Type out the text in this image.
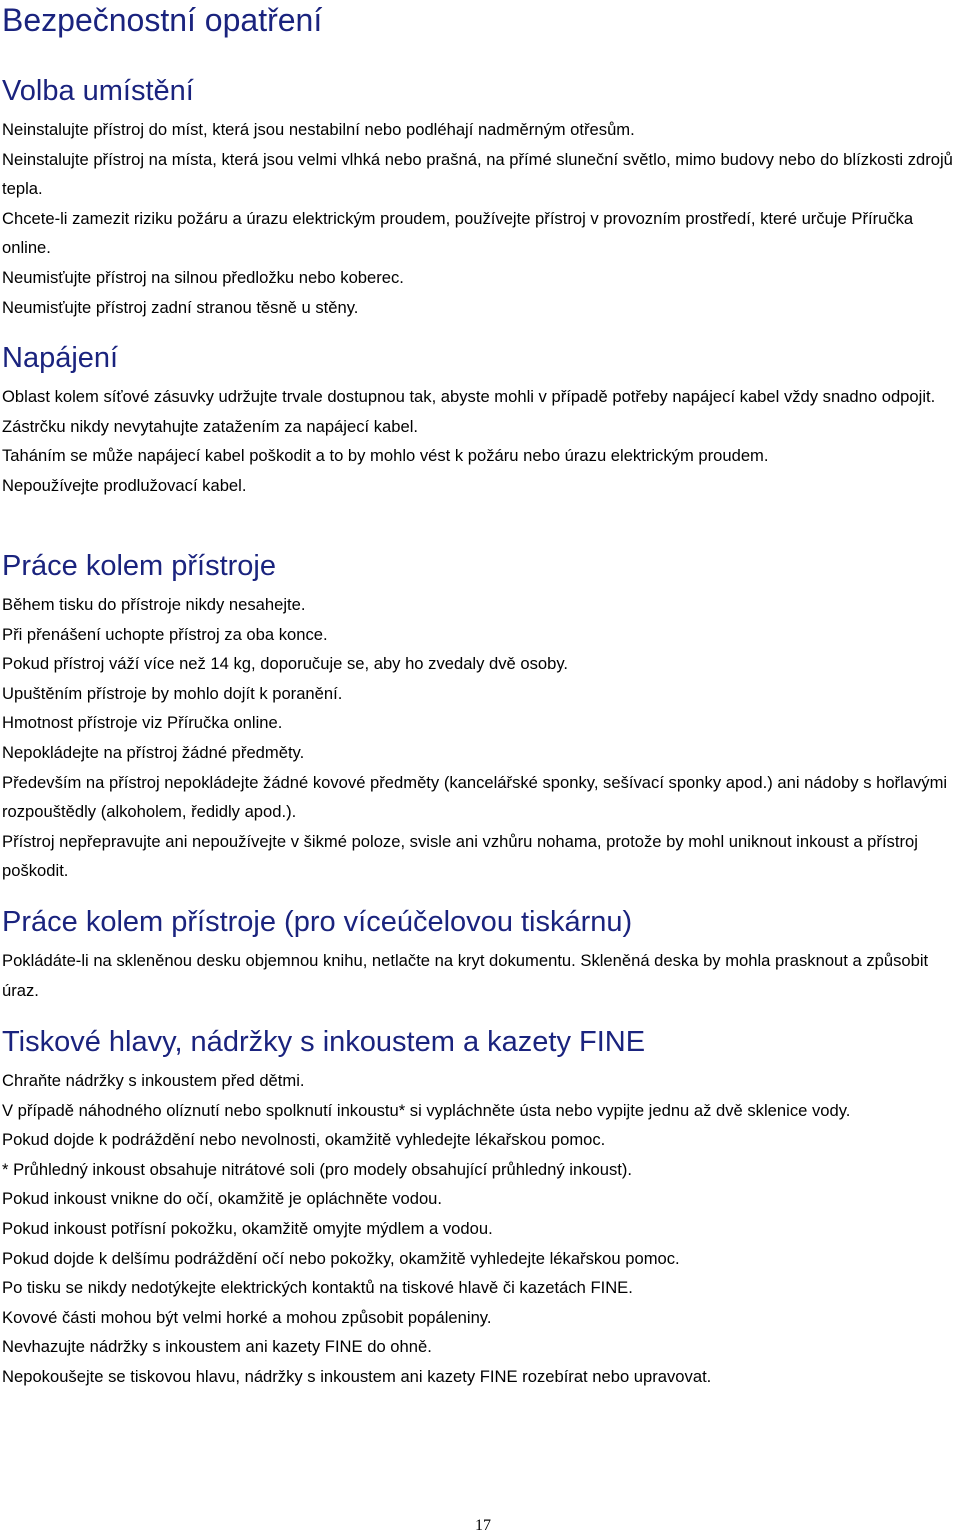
Bezpečnostní opatření
Volba umístění

Neinstalujte přístroj do míst, která jsou nestabilní nebo podléhají nadměrným otřesům.

Neinstalujte přístroj na místa, která jsou velmi vlhká nebo prašná, na přímé sluneční světlo, mimo budovy nebo do blízkosti zdrojů tepla.

Chcete-li zamezit riziku požáru a úrazu elektrickým proudem, používejte přístroj v provozním prostředí, které určuje Příručka online.

Neumisťujte přístroj na silnou předložku nebo koberec.

Neumisťujte přístroj zadní stranou těsně u stěny.

Napájení

Oblast kolem síťové zásuvky udržujte trvale dostupnou tak, abyste mohli v případě potřeby napájecí kabel vždy snadno odpojit.

Zástrčku nikdy nevytahujte zatažením za napájecí kabel.

Taháním se může napájecí kabel poškodit a to by mohlo vést k požáru nebo úrazu elektrickým proudem.

Nepoužívejte prodlužovací kabel.

Práce kolem přístroje

Během tisku do přístroje nikdy nesahejte.

Při přenášení uchopte přístroj za oba konce.

Pokud přístroj váží více než 14 kg, doporučuje se, aby ho zvedaly dvě osoby.

Upuštěním přístroje by mohlo dojít k poranění.

Hmotnost přístroje viz Příručka online.

Nepokládejte na přístroj žádné předměty.

Především na přístroj nepokládejte žádné kovové předměty (kancelářské sponky, sešívací sponky apod.) ani nádoby s hořlavými rozpouštědly (alkoholem, ředidly apod.).

Přístroj nepřepravujte ani nepoužívejte v šikmé poloze, svisle ani vzhůru nohama, protože by mohl uniknout inkoust a přístroj poškodit.

Práce kolem přístroje (pro víceúčelovou tiskárnu)

Pokládáte-li na skleněnou desku objemnou knihu, netlačte na kryt dokumentu. Skleněná deska by mohla prasknout a způsobit úraz.

Tiskové hlavy, nádržky s inkoustem a kazety FINE

Chraňte nádržky s inkoustem před dětmi.

V případě náhodného olíznutí nebo spolknutí inkoustu* si vypláchněte ústa nebo vypijte jednu až dvě sklenice vody.

Pokud dojde k podráždění nebo nevolnosti, okamžitě vyhledejte lékařskou pomoc.

* Průhledný inkoust obsahuje nitrátové soli (pro modely obsahující průhledný inkoust).

Pokud inkoust vnikne do očí, okamžitě je opláchněte vodou.

Pokud inkoust potřísní pokožku, okamžitě omyjte mýdlem a vodou.

Pokud dojde k delšímu podráždění očí nebo pokožky, okamžitě vyhledejte lékařskou pomoc.

Po tisku se nikdy nedotýkejte elektrických kontaktů na tiskové hlavě či kazetách FINE.

Kovové části mohou být velmi horké a mohou způsobit popáleniny.

Nevhazujte nádržky s inkoustem ani kazety FINE do ohně.

Nepokoušejte se tiskovou hlavu, nádržky s inkoustem ani kazety FINE rozebírat nebo upravovat.

17
